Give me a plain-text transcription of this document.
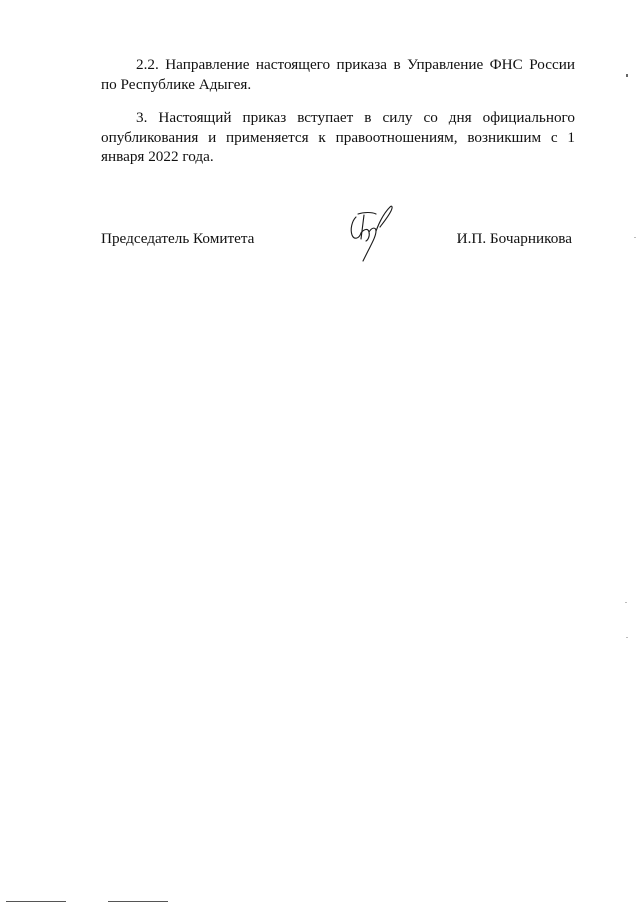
2.2. Направление настоящего приказа в Управление ФНС России по Республике Адыгея.

3. Настоящий приказ вступает в силу со дня официального опубликования и применяется к правоотношениям, возникшим с 1 января 2022 года.

Председатель Комитета	И.П. Бочарникова
